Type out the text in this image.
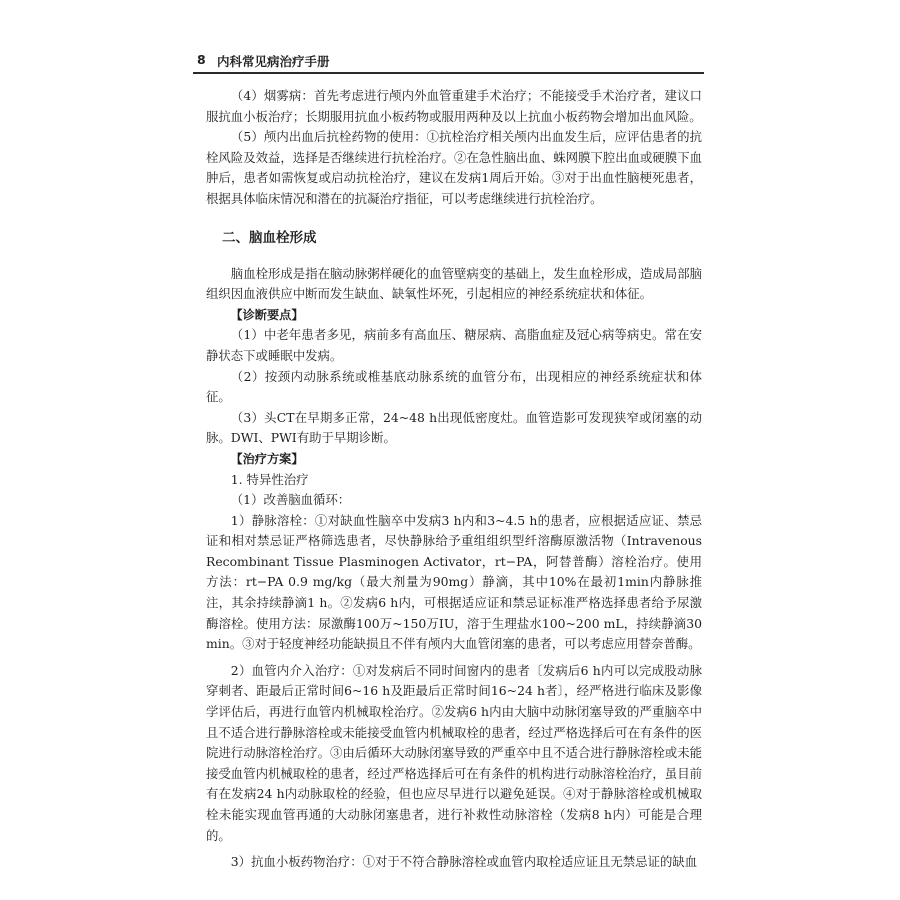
8 内科常见病治疗手册

（4）烟雾病：首先考虑进行颅内外血管重建手术治疗；不能接受手术治疗者，建议口服抗血小板治疗；长期服用抗血小板药物或服用两种及以上抗血小板药物会增加出血风险。

（5）颅内出血后抗栓药物的使用：①抗栓治疗相关颅内出血发生后，应评估患者的抗栓风险及效益，选择是否继续进行抗栓治疗。②在急性脑出血、蛛网膜下腔出血或硬膜下血肿后，患者如需恢复或启动抗栓治疗，建议在发病1周后开始。③对于出血性脑梗死患者，根据具体临床情况和潜在的抗凝治疗指征，可以考虑继续进行抗栓治疗。

二、脑血栓形成

脑血栓形成是指在脑动脉粥样硬化的血管壁病变的基础上，发生血栓形成，造成局部脑组织因血液供应中断而发生缺血、缺氧性坏死，引起相应的神经系统症状和体征。

【诊断要点】

（1）中老年患者多见，病前多有高血压、糖尿病、高脂血症及冠心病等病史。常在安静状态下或睡眠中发病。

（2）按颈内动脉系统或椎基底动脉系统的血管分布，出现相应的神经系统症状和体征。

（3）头CT在早期多正常，24~48 h出现低密度灶。血管造影可发现狭窄或闭塞的动脉。DWI、PWI有助于早期诊断。

【治疗方案】

1. 特异性治疗

（1）改善脑血循环：

1）静脉溶栓：①对缺血性脑卒中发病3 h内和3~4.5 h的患者，应根据适应证、禁忌证和相对禁忌证严格筛选患者，尽快静脉给予重组组织型纤溶酶原激活物（Intravenous Recombinant Tissue Plasminogen Activator，rt−PA，阿替普酶）溶栓治疗。使用方法：rt−PA 0.9 mg/kg（最大剂量为90mg）静滴，其中10%在最初1min内静脉推注，其余持续静滴1 h。②发病6 h内，可根据适应证和禁忌证标准严格选择患者给予尿激酶溶栓。使用方法：尿激酶100万~150万IU，溶于生理盐水100~200 mL，持续静滴30 min。③对于轻度神经功能缺损且不伴有颅内大血管闭塞的患者，可以考虑应用替奈普酶。

2）血管内介入治疗：①对发病后不同时间窗内的患者〔发病后6 h内可以完成股动脉穿刺者、距最后正常时间6~16 h及距最后正常时间16~24 h者〕，经严格进行临床及影像学评估后，再进行血管内机械取栓治疗。②发病6 h内由大脑中动脉闭塞导致的严重脑卒中且不适合进行静脉溶栓或未能接受血管内机械取栓的患者，经过严格选择后可在有条件的医院进行动脉溶栓治疗。③由后循环大动脉闭塞导致的严重卒中且不适合进行静脉溶栓或未能接受血管内机械取栓的患者，经过严格选择后可在有条件的机构进行动脉溶栓治疗，虽目前有在发病24 h内动脉取栓的经验，但也应尽早进行以避免延误。④对于静脉溶栓或机械取栓未能实现血管再通的大动脉闭塞患者，进行补救性动脉溶栓（发病8 h内）可能是合理的。

3）抗血小板药物治疗：①对于不符合静脉溶栓或血管内取栓适应证且无禁忌证的缺血
